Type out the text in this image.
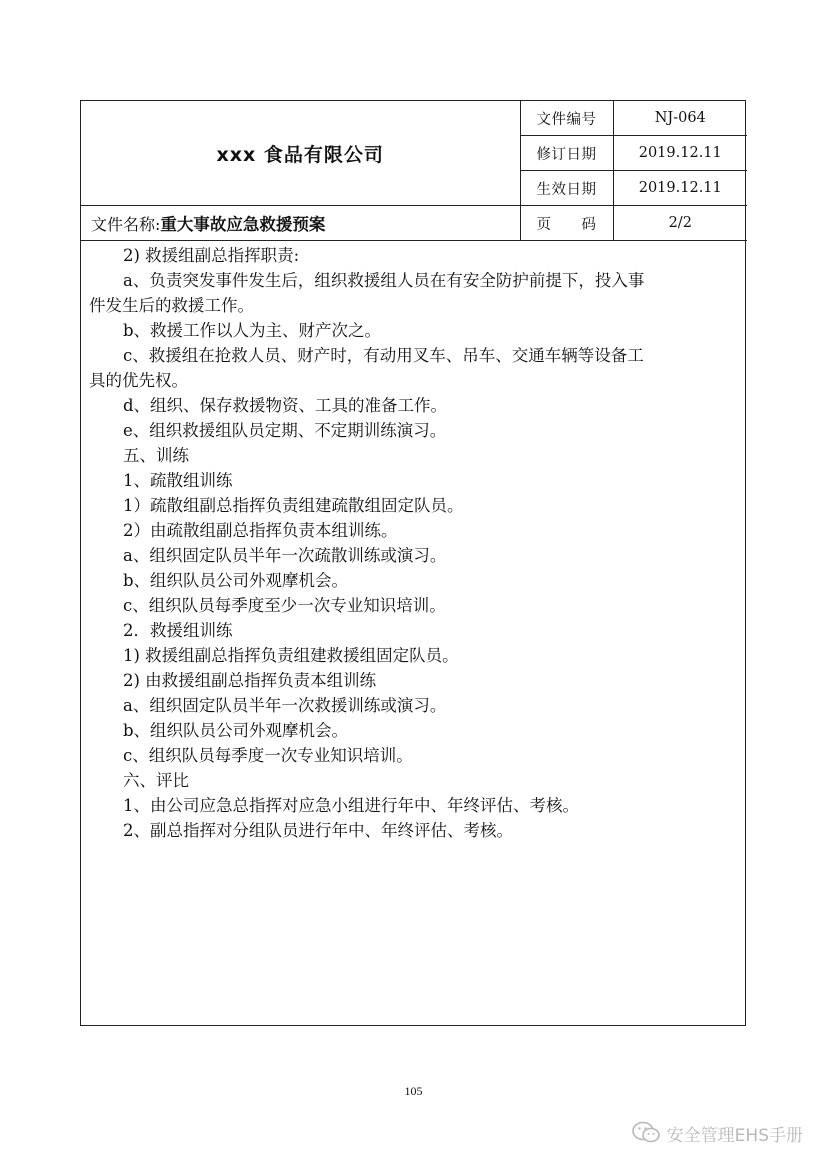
xxx 食品有限公司	文件编号	NJ-064
	修订日期	2019.12.11
	生效日期	2019.12.11
文件名称:重大事故应急救援预案	页　　码	2/2

2) 救援组副总指挥职责:

a、负责突发事件发生后，组织救援组人员在有安全防护前提下，投入事

件发生后的救援工作。

b、救援工作以人为主、财产次之。

c、救援组在抢救人员、财产时，有动用叉车、吊车、交通车辆等设备工

具的优先权。

d、组织、保存救援物资、工具的准备工作。

e、组织救援组队员定期、不定期训练演习。

五、训练

1、疏散组训练

1）疏散组副总指挥负责组建疏散组固定队员。

2）由疏散组副总指挥负责本组训练。

a、组织固定队员半年一次疏散训练或演习。

b、组织队员公司外观摩机会。

c、组织队员每季度至少一次专业知识培训。

2．救援组训练

1) 救援组副总指挥负责组建救援组固定队员。

2) 由救援组副总指挥负责本组训练

a、组织固定队员半年一次救援训练或演习。

b、组织队员公司外观摩机会。

c、组织队员每季度一次专业知识培训。

六、评比

1、由公司应急总指挥对应急小组进行年中、年终评估、考核。

2、副总指挥对分组队员进行年中、年终评估、考核。

105
安全管理EHS手册
